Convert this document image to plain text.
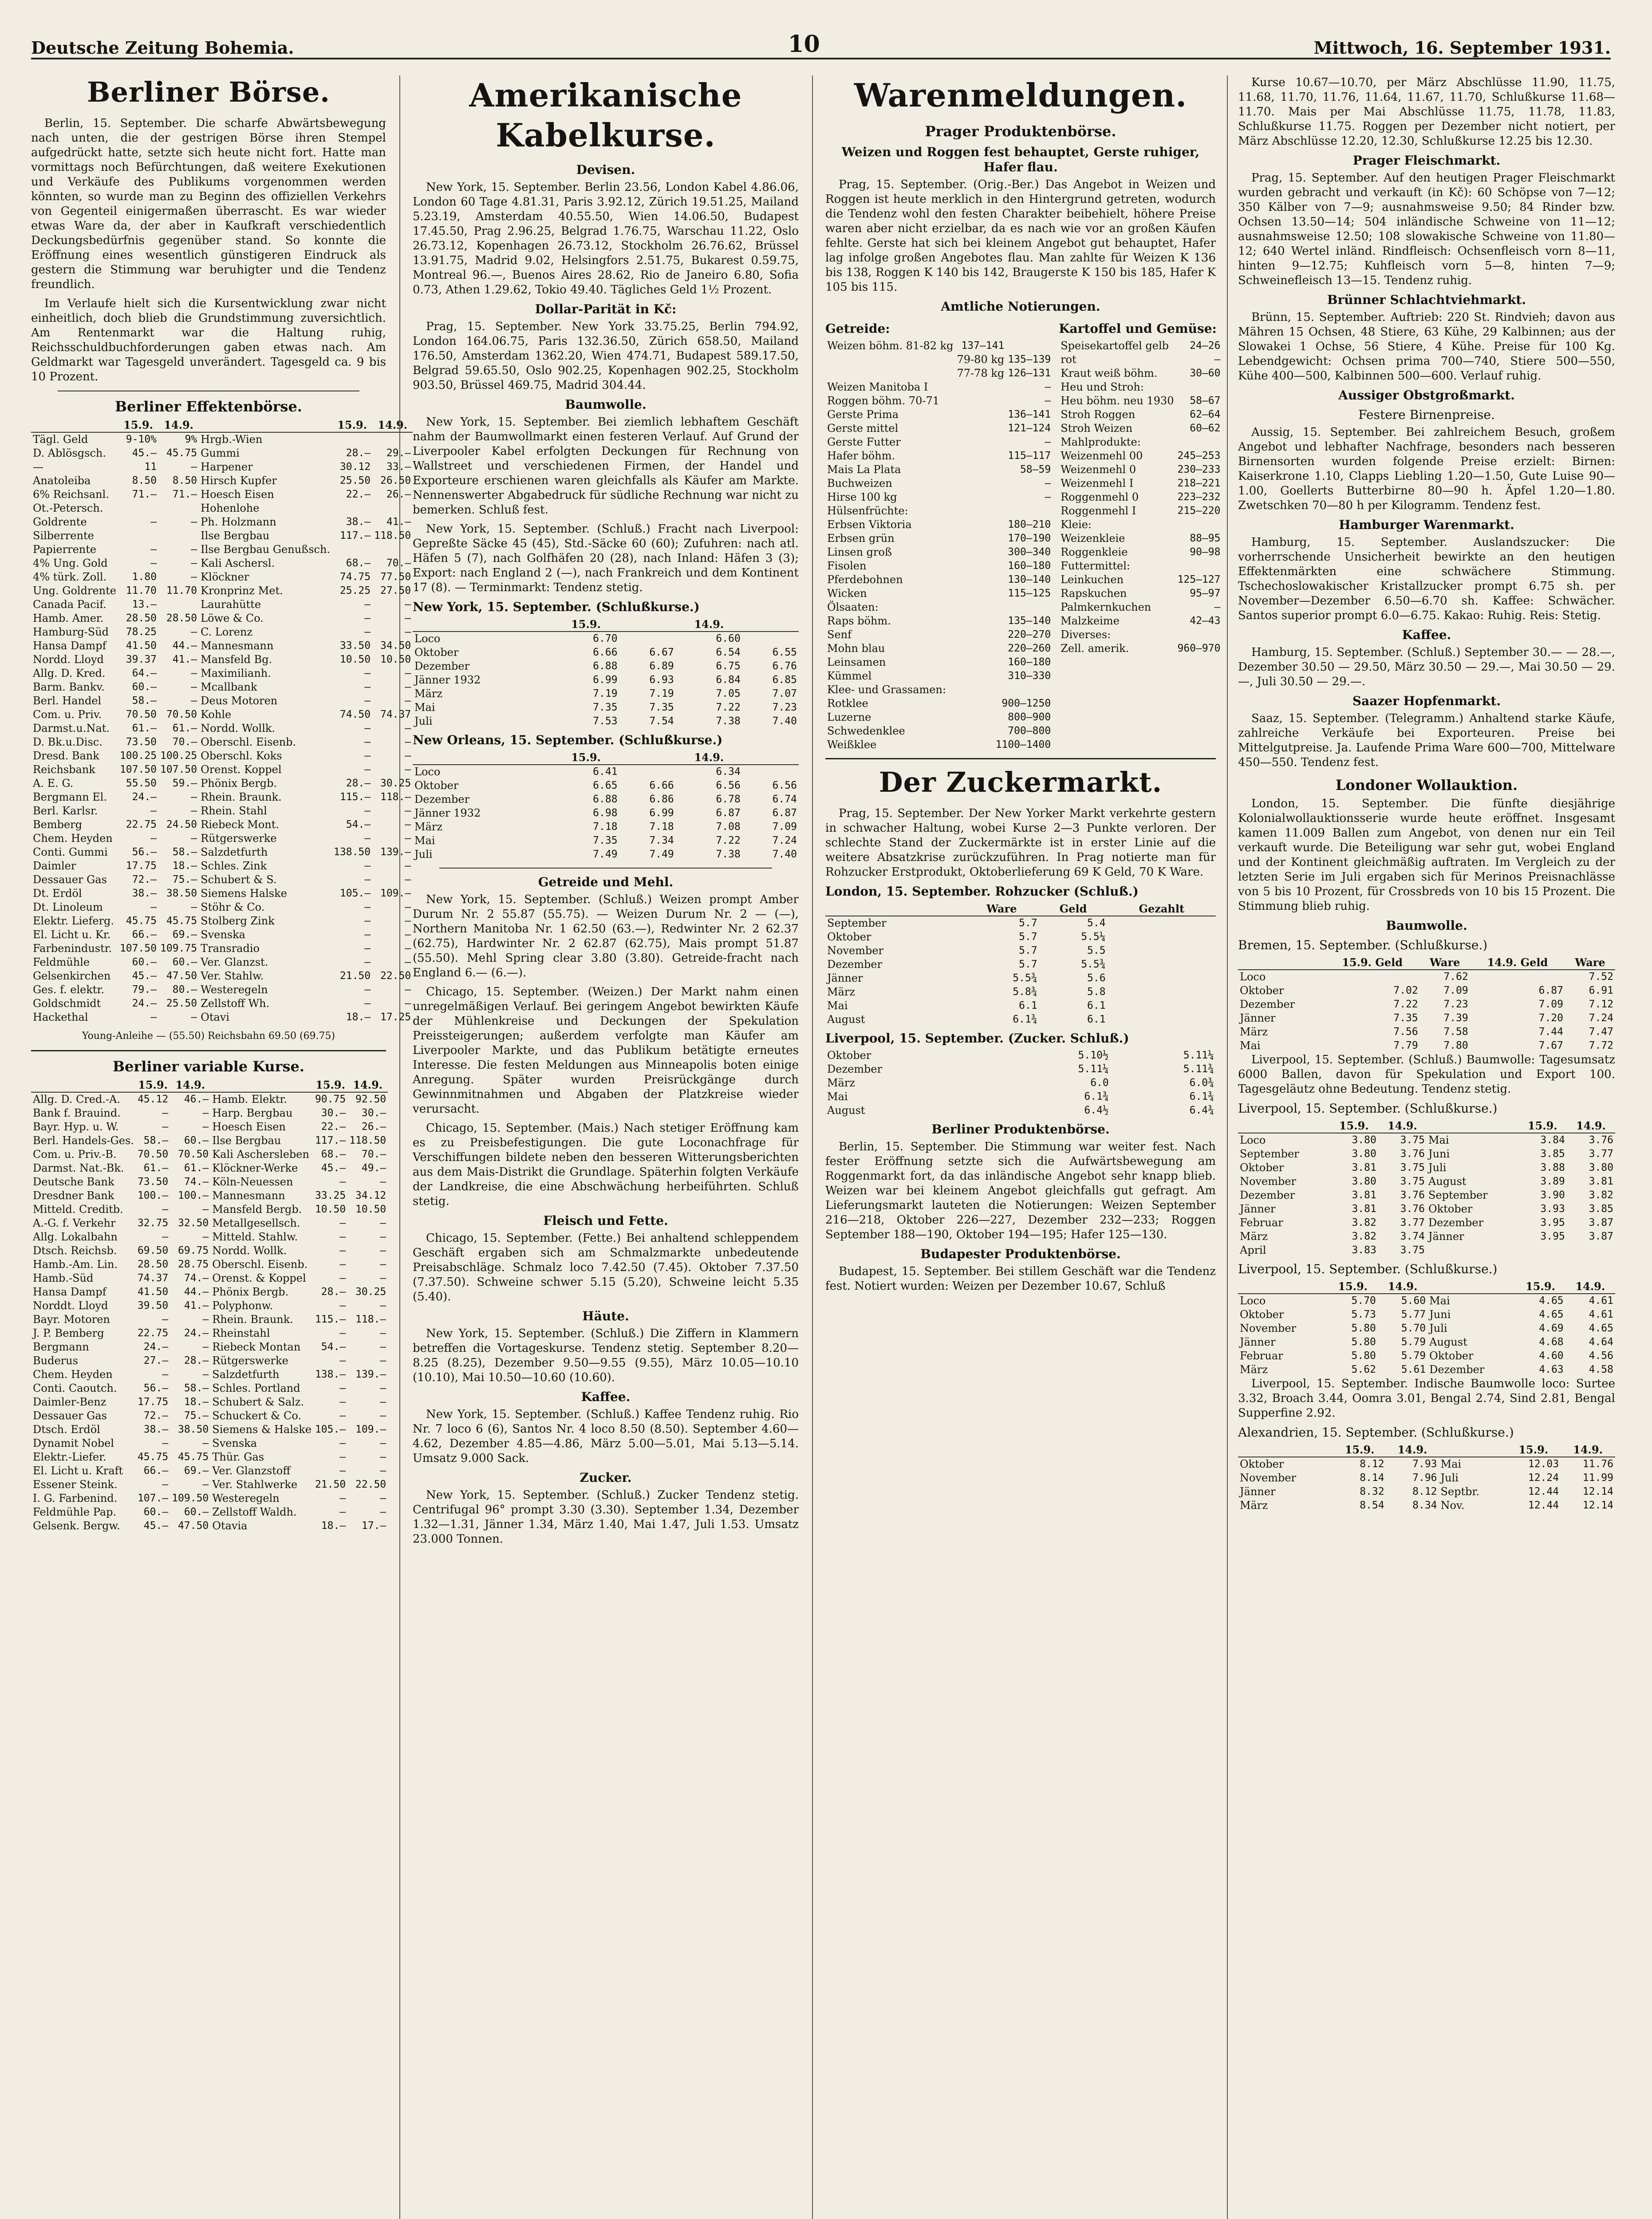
Deutsche Zeitung Bohemia.	10	Mittwoch, 16. September 1931.
Berliner Börse.

Berlin, 15. September. Die scharfe Abwärtsbewegung nach unten, die der gestrigen Börse ihren Stempel aufgedrückt hatte, setzte sich heute nicht fort. Hatte man vormittags noch Befürchtungen, daß weitere Exekutionen und Verkäufe des Publikums vorgenommen werden könnten, so wurde man zu Beginn des offiziellen Verkehrs von Gegenteil einigermaßen überrascht. Es war wieder etwas Ware da, der aber in Kaufkraft verschiedentlich Deckungsbedürfnis gegenüber stand. So konnte die Eröffnung eines wesentlich günstigeren Eindruck als gestern die Stimmung war beruhigter und die Tendenz freundlich.

Im Verlaufe hielt sich die Kursentwicklung zwar nicht einheitlich, doch blieb die Grundstimmung zuversichtlich. Am Rentenmarkt war die Haltung ruhig, Reichsschuldbuchforderungen gaben etwas nach. Am Geldmarkt war Tagesgeld unverändert. Tagesgeld ca. 9 bis 10 Prozent.

Berliner Effektenbörse.
	15.9.	14.9.		15.9.	14.9.
Tägl. Geld	9-10%	9%	Hrgb.-Wien		
D. Ablösgsch.	45.—	45.75	Gummi	28.—	29.—
—	11	—	Harpener	30.12	33.—
Anatoleiba	8.50	8.50	Hirsch Kupfer	25.50	26.50
6% Reichsanl.	71.—	71.—	Hoesch Eisen	22.—	26.—
Ot.-Petersch.			Hohenlohe		
Goldrente	—	—	Ph. Holzmann	38.—	41.—
Silberrente			Ilse Bergbau	117.—	118.50
Papierrente	—	—	Ilse Bergbau Genußsch.		
4% Ung. Gold	—	—	Kali Aschersl.	68.—	70.—
4% türk. Zoll.	1.80	—	Klöckner	74.75	77.50
Ung. Goldrente	11.70	11.70	Kronprinz Met.	25.25	27.50
Canada Pacif.	13.—		Laurahütte	—	—
Hamb. Amer.	28.50	28.50	Löwe & Co.	—	—
Hamburg-Süd	78.25	—	C. Lorenz	—	—
Hansa Dampf	41.50	44.—	Mannesmann	33.50	34.50
Nordd. Lloyd	39.37	41.—	Mansfeld Bg.	10.50	10.50
Allg. D. Kred.	64.—	—	Maximilianh.	—	—
Barm. Bankv.	60.—	—	Mcallbank	—	—
Berl. Handel	58.—	—	Deus Motoren	—	—
Com. u. Priv.	70.50	70.50	Kohle	74.50	74.37
Darmst.u.Nat.	61.—	61.—	Nordd. Wollk.	—	—
D. Bk.u.Disc.	73.50	70.—	Oberschl. Eisenb.	—	—
Dresd. Bank	100.25	100.25	Oberschl. Koks	—	—
Reichsbank	107.50	107.50	Orenst. Koppel	—	—
A. E. G.	55.50	59.—	Phönix Bergb.	28.—	30.25
Bergmann El.	24.—	—	Rhein. Braunk.	115.—	118.—
Berl. Karlsr.	—	—	Rhein. Stahl	—	—
Bemberg	22.75	24.50	Riebeck Mont.	54.—	—
Chem. Heyden	—	—	Rütgerswerke	—	—
Conti. Gummi	56.—	58.—	Salzdetfurth	138.50	139.—
Daimler	17.75	18.—	Schles. Zink	—	—
Dessauer Gas	72.—	75.—	Schubert & S.	—	—
Dt. Erdöl	38.—	38.50	Siemens Halske	105.—	109.—
Dt. Linoleum	—	—	Stöhr & Co.	—	—
Elektr. Lieferg.	45.75	45.75	Stolberg Zink	—	—
El. Licht u. Kr.	66.—	69.—	Svenska	—	—
Farbenindustr.	107.50	109.75	Transradio	—	—
Feldmühle	60.—	60.—	Ver. Glanzst.	—	—
Gelsenkirchen	45.—	47.50	Ver. Stahlw.	21.50	22.50
Ges. f. elektr.	79.—	80.—	Westeregeln	—	—
Goldschmidt	24.—	25.50	Zellstoff Wh.	—	—
Hackethal	—	—	Otavi	18.—	17.25
Young-Anleihe — (55.50) Reichsbahn 69.50 (69.75)
Berliner variable Kurse.
	15.9.	14.9.		15.9.	14.9.
Allg. D. Cred.-A.	45.12	46.—	Hamb. Elektr.	90.75	92.50
Bank f. Brauind.	—	—	Harp. Bergbau	30.—	30.—
Bayr. Hyp. u. W.	—	—	Hoesch Eisen	22.—	26.—
Berl. Handels-Ges.	58.—	60.—	Ilse Bergbau	117.—	118.50
Com. u. Priv.-B.	70.50	70.50	Kali Aschersleben	68.—	70.—
Darmst. Nat.-Bk.	61.—	61.—	Klöckner-Werke	45.—	49.—
Deutsche Bank	73.50	74.—	Köln-Neuessen	—	—
Dresdner Bank	100.—	100.—	Mannesmann	33.25	34.12
Mitteld. Creditb.	—	—	Mansfeld Bergb.	10.50	10.50
A.-G. f. Verkehr	32.75	32.50	Metallgesellsch.	—	—
Allg. Lokalbahn	—	—	Mitteld. Stahlw.	—	—
Dtsch. Reichsb.	69.50	69.75	Nordd. Wollk.	—	—
Hamb.-Am. Lin.	28.50	28.75	Oberschl. Eisenb.	—	—
Hamb.-Süd	74.37	74.—	Orenst. & Koppel	—	—
Hansa Dampf	41.50	44.—	Phönix Bergb.	28.—	30.25
Norddt. Lloyd	39.50	41.—	Polyphonw.	—	—
Bayr. Motoren	—	—	Rhein. Braunk.	115.—	118.—
J. P. Bemberg	22.75	24.—	Rheinstahl	—	—
Bergmann	24.—	—	Riebeck Montan	54.—	—
Buderus	27.—	28.—	Rütgerswerke	—	—
Chem. Heyden	—	—	Salzdetfurth	138.—	139.—
Conti. Caoutch.	56.—	58.—	Schles. Portland	—	—
Daimler-Benz	17.75	18.—	Schubert & Salz.	—	—
Dessauer Gas	72.—	75.—	Schuckert & Co.	—	—
Dtsch. Erdöl	38.—	38.50	Siemens & Halske	105.—	109.—
Dynamit Nobel	—	—	Svenska	—	—
Elektr.-Liefer.	45.75	45.75	Thür. Gas	—	—
El. Licht u. Kraft	66.—	69.—	Ver. Glanzstoff	—	—
Essener Steink.	—	—	Ver. Stahlwerke	21.50	22.50
I. G. Farbenind.	107.—	109.50	Westeregeln	—	—
Feldmühle Pap.	60.—	60.—	Zellstoff Waldh.	—	—
Gelsenk. Bergw.	45.—	47.50	Otavia	18.—	17.—
Amerikanische Kabelkurse.
Devisen.

New York, 15. September. Berlin 23.56, London Kabel 4.86.06, London 60 Tage 4.81.31, Paris 3.92.12, Zürich 19.51.25, Mailand 5.23.19, Amsterdam 40.55.50, Wien 14.06.50, Budapest 17.45.50, Prag 2.96.25, Belgrad 1.76.75, Warschau 11.22, Oslo 26.73.12, Kopenhagen 26.73.12, Stockholm 26.76.62, Brüssel 13.91.75, Madrid 9.02, Helsingfors 2.51.75, Bukarest 0.59.75, Montreal 96.—, Buenos Aires 28.62, Rio de Janeiro 6.80, Sofia 0.73, Athen 1.29.62, Tokio 49.40. Tägliches Geld 1½ Prozent.

Dollar-Parität in Kč:

Prag, 15. September. New York 33.75.25, Berlin 794.92, London 164.06.75, Paris 132.36.50, Zürich 658.50, Mailand 176.50, Amsterdam 1362.20, Wien 474.71, Budapest 589.17.50, Belgrad 59.65.50, Oslo 902.25, Kopenhagen 902.25, Stockholm 903.50, Brüssel 469.75, Madrid 304.44.

Baumwolle.

New York, 15. September. Bei ziemlich lebhaftem Geschäft nahm der Baumwollmarkt einen festeren Verlauf. Auf Grund der Liverpooler Kabel erfolgten Deckungen für Rechnung von Wallstreet und verschiedenen Firmen, der Handel und Exporteure erschienen waren gleichfalls als Käufer am Markte. Nennenswerter Abgabedruck für südliche Rechnung war nicht zu bemerken. Schluß fest.

New York, 15. September. (Schluß.) Fracht nach Liverpool: Gepreßte Säcke 45 (45), Std.-Säcke 60 (60); Zufuhren: nach atl. Häfen 5 (7), nach Golfhäfen 20 (28), nach Inland: Häfen 3 (3); Export: nach England 2 (—), nach Frankreich und dem Kontinent 17 (8). — Terminmarkt: Tendenz stetig.

New York, 15. September. (Schlußkurse.)
	15.9.		14.9.	
Loco	6.70		6.60	
Oktober	6.66	6.67	6.54	6.55
Dezember	6.88	6.89	6.75	6.76
Jänner 1932	6.99	6.93	6.84	6.85
März	7.19	7.19	7.05	7.07
Mai	7.35	7.35	7.22	7.23
Juli	7.53	7.54	7.38	7.40
New Orleans, 15. September. (Schlußkurse.)
	15.9.		14.9.	
Loco	6.41		6.34	
Oktober	6.65	6.66	6.56	6.56
Dezember	6.88	6.86	6.78	6.74
Jänner 1932	6.98	6.99	6.87	6.87
März	7.18	7.18	7.08	7.09
Mai	7.35	7.34	7.22	7.24
Juli	7.49	7.49	7.38	7.40
Getreide und Mehl.

New York, 15. September. (Schluß.) Weizen prompt Amber Durum Nr. 2 55.87 (55.75). — Weizen Durum Nr. 2 — (—), Northern Manitoba Nr. 1 62.50 (63.—), Redwinter Nr. 2 62.37 (62.75), Hardwinter Nr. 2 62.87 (62.75), Mais prompt 51.87 (55.50). Mehl Spring clear 3.80 (3.80). Getreide-fracht nach England 6.— (6.—).

Chicago, 15. September. (Weizen.) Der Markt nahm einen unregelmäßigen Verlauf. Bei geringem Angebot bewirkten Käufe der Mühlenkreise und Deckungen der Spekulation Preissteigerungen; außerdem verfolgte man Käufer am Liverpooler Markte, und das Publikum betätigte erneutes Interesse. Die festen Meldungen aus Minneapolis boten einige Anregung. Später wurden Preisrückgänge durch Gewinnmitnahmen und Abgaben der Platzkreise wieder verursacht.

Chicago, 15. September. (Mais.) Nach stetiger Eröffnung kam es zu Preisbefestigungen. Die gute Loconachfrage für Verschiffungen bildete neben den besseren Witterungsberichten aus dem Mais-Distrikt die Grundlage. Späterhin folgten Verkäufe der Landkreise, die eine Abschwächung herbeiführten. Schluß stetig.

Fleisch und Fette.

Chicago, 15. September. (Fette.) Bei anhaltend schleppendem Geschäft ergaben sich am Schmalzmarkte unbedeutende Preisabschläge. Schmalz loco 7.42.50 (7.45). Oktober 7.37.50 (7.37.50). Schweine schwer 5.15 (5.20), Schweine leicht 5.35 (5.40).

Häute.

New York, 15. September. (Schluß.) Die Ziffern in Klammern betreffen die Vortageskurse. Tendenz stetig. September 8.20—8.25 (8.25), Dezember 9.50—9.55 (9.55), März 10.05—10.10 (10.10), Mai 10.50—10.60 (10.60).

Kaffee.

New York, 15. September. (Schluß.) Kaffee Tendenz ruhig. Rio Nr. 7 loco 6 (6), Santos Nr. 4 loco 8.50 (8.50). September 4.60—4.62, Dezember 4.85—4.86, März 5.00—5.01, Mai 5.13—5.14. Umsatz 9.000 Sack.

Zucker.

New York, 15. September. (Schluß.) Zucker Tendenz stetig. Centrifugal 96° prompt 3.30 (3.30). September 1.34, Dezember 1.32—1.31, Jänner 1.34, März 1.40, Mai 1.47, Juli 1.53. Umsatz 23.000 Tonnen.

Warenmeldungen.
Prager Produktenbörse.
Weizen und Roggen fest behauptet, Gerste ruhiger, Hafer flau.

Prag, 15. September. (Orig.-Ber.) Das Angebot in Weizen und Roggen ist heute merklich in den Hintergrund getreten, wodurch die Tendenz wohl den festen Charakter beibehielt, höhere Preise waren aber nicht erzielbar, da es nach wie vor an großen Käufen fehlte. Gerste hat sich bei kleinem Angebot gut behauptet, Hafer lag infolge großen Angebotes flau. Man zahlte für Weizen K 136 bis 138, Roggen K 140 bis 142, Braugerste K 150 bis 185, Hafer K 105 bis 115.

Amtliche Notierungen.
Getreide:
Weizen böhm. 81-82 kg	137—141	
	79-80 kg	135—139
	77-78 kg	126—131
Weizen Manitoba I		—
Roggen böhm. 70-71		—
Gerste Prima		136—141
Gerste mittel		121—124
Gerste Futter		—
Hafer böhm.		115—117
Mais La Plata		58—59
Buchweizen		—
Hirse 100 kg		—
Hülsenfrüchte:	
Erbsen Viktoria	180—210
Erbsen grün	170—190
Linsen groß	300—340
Fisolen	160—180
Pferdebohnen	130—140
Wicken	115—125
Ölsaaten:	
Raps böhm.	135—140
Senf	220—270
Mohn blau	220—260
Leinsamen	160—180
Kümmel	310—330
Klee- und Grassamen:	
Rotklee	900—1250
Luzerne	800—900
Schwedenklee	700—800
Weißklee	1100—1400
Kartoffel und Gemüse:
Speisekartoffel gelb	24—26
rot	—
Kraut weiß böhm.	30—60
Heu und Stroh:	
Heu böhm. neu 1930	58—67
Stroh Roggen	62—64
Stroh Weizen	60—62
Mahlprodukte:	
Weizenmehl 00	245—253
Weizenmehl 0	230—233
Weizenmehl I	218—221
Roggenmehl 0	223—232
Roggenmehl I	215—220
Kleie:	
Weizenkleie	88—95
Roggenkleie	90—98
Futtermittel:	
Leinkuchen	125—127
Rapskuchen	95—97
Palmkernkuchen	—
Malzkeime	42—43
Diverses:	
Zell. amerik.	960—970
Der Zuckermarkt.

Prag, 15. September. Der New Yorker Markt verkehrte gestern in schwacher Haltung, wobei Kurse 2—3 Punkte verloren. Der schlechte Stand der Zuckermärkte ist in erster Linie auf die weitere Absatzkrise zurückzuführen. In Prag notierte man für Rohzucker Erstprodukt, Oktoberlieferung 69 K Geld, 70 K Ware.

London, 15. September. Rohzucker (Schluß.)
	Ware	Geld	Gezahlt
September	5.7	5.4	
Oktober	5.7	5.5¼	
November	5.7	5.5	
Dezember	5.7	5.5¾	
Jänner	5.5¾	5.6	
März	5.8¾	5.8	
Mai	6.1	6.1	
August	6.1¾	6.1	
Liverpool, 15. September. (Zucker. Schluß.)
Oktober	5.10½	5.11¼
Dezember	5.11¼	5.11¾
März	6.0	6.0¾
Mai	6.1¾	6.1¾
August	6.4½	6.4¾
Berliner Produktenbörse.

Berlin, 15. September. Die Stimmung war weiter fest. Nach fester Eröffnung setzte sich die Aufwärtsbewegung am Roggenmarkt fort, da das inländische Angebot sehr knapp blieb. Weizen war bei kleinem Angebot gleichfalls gut gefragt. Am Lieferungsmarkt lauteten die Notierungen: Weizen September 216—218, Oktober 226—227, Dezember 232—233; Roggen September 188—190, Oktober 194—195; Hafer 125—130.

Budapester Produktenbörse.

Budapest, 15. September. Bei stillem Geschäft war die Tendenz fest. Notiert wurden: Weizen per Dezember 10.67, Schluß

Kurse 10.67—10.70, per März Abschlüsse 11.90, 11.75, 11.68, 11.70, 11.76, 11.64, 11.67, 11.70, Schlußkurse 11.68—11.70. Mais per Mai Abschlüsse 11.75, 11.78, 11.83, Schlußkurse 11.75. Roggen per Dezember nicht notiert, per März Abschlüsse 12.20, 12.30, Schlußkurse 12.25 bis 12.30.

Prager Fleischmarkt.

Prag, 15. September. Auf den heutigen Prager Fleischmarkt wurden gebracht und verkauft (in Kč): 60 Schöpse von 7—12; 350 Kälber von 7—9; ausnahmsweise 9.50; 84 Rinder bzw. Ochsen 13.50—14; 504 inländische Schweine von 11—12; ausnahmsweise 12.50; 108 slowakische Schweine von 11.80—12; 640 Wertel inländ. Rindfleisch: Ochsenfleisch vorn 8—11, hinten 9—12.75; Kuhfleisch vorn 5—8, hinten 7—9; Schweinefleisch 13—15. Tendenz ruhig.

Brünner Schlachtviehmarkt.

Brünn, 15. September. Auftrieb: 220 St. Rindvieh; davon aus Mähren 15 Ochsen, 48 Stiere, 63 Kühe, 29 Kalbinnen; aus der Slowakei 1 Ochse, 56 Stiere, 4 Kühe. Preise für 100 Kg. Lebendgewicht: Ochsen prima 700—740, Stiere 500—550, Kühe 400—500, Kalbinnen 500—600. Verlauf ruhig.

Aussiger Obstgroßmarkt.
Festere Birnenpreise.

Aussig, 15. September. Bei zahlreichem Besuch, großem Angebot und lebhafter Nachfrage, besonders nach besseren Birnensorten wurden folgende Preise erzielt: Birnen: Kaiserkrone 1.10, Clapps Liebling 1.20—1.50, Gute Luise 90—1.00, Goellerts Butterbirne 80—90 h. Äpfel 1.20—1.80. Zwetschken 70—80 h per Kilogramm. Tendenz fest.

Hamburger Warenmarkt.

Hamburg, 15. September. Auslandszucker: Die vorherrschende Unsicherheit bewirkte an den heutigen Effektenmärkten eine schwächere Stimmung. Tschechoslowakischer Kristallzucker prompt 6.75 sh. per November—Dezember 6.50—6.70 sh. Kaffee: Schwächer. Santos superior prompt 6.0—6.75. Kakao: Ruhig. Reis: Stetig.

Kaffee.

Hamburg, 15. September. (Schluß.) September 30.— — 28.—, Dezember 30.50 — 29.50, März 30.50 — 29.—, Mai 30.50 — 29.—, Juli 30.50 — 29.—.

Saazer Hopfenmarkt.

Saaz, 15. September. (Telegramm.) Anhaltend starke Käufe, zahlreiche Verkäufe bei Exporteuren. Preise bei Mittelgutpreise. Ja. Laufende Prima Ware 600—700, Mittelware 450—550. Tendenz fest.

Londoner Wollauktion.

London, 15. September. Die fünfte diesjährige Kolonialwollauktionsserie wurde heute eröffnet. Insgesamt kamen 11.009 Ballen zum Angebot, von denen nur ein Teil verkauft wurde. Die Beteiligung war sehr gut, wobei England und der Kontinent gleichmäßig auftraten. Im Vergleich zu der letzten Serie im Juli ergaben sich für Merinos Preisnachlässe von 5 bis 10 Prozent, für Crossbreds von 10 bis 15 Prozent. Die Stimmung blieb ruhig.

Baumwolle.
Bremen, 15. September. (Schlußkurse.)
	15.9. Geld	Ware	14.9. Geld	Ware
Loco		7.62		7.52
Oktober	7.02	7.09	6.87	6.91
Dezember	7.22	7.23	7.09	7.12
Jänner	7.35	7.39	7.20	7.24
März	7.56	7.58	7.44	7.47
Mai	7.79	7.80	7.67	7.72

Liverpool, 15. September. (Schluß.) Baumwolle: Tagesumsatz 6000 Ballen, davon für Spekulation und Export 100. Tagesgeläutz ohne Bedeutung. Tendenz stetig.

Liverpool, 15. September. (Schlußkurse.)
	15.9.	14.9.		15.9.	14.9.
Loco	3.80	3.75	Mai	3.84	3.76
September	3.80	3.76	Juni	3.85	3.77
Oktober	3.81	3.75	Juli	3.88	3.80
November	3.80	3.75	August	3.89	3.81
Dezember	3.81	3.76	September	3.90	3.82
Jänner	3.81	3.76	Oktober	3.93	3.85
Februar	3.82	3.77	Dezember	3.95	3.87
März	3.82	3.74	Jänner	3.95	3.87
April	3.83	3.75			
Liverpool, 15. September. (Schlußkurse.)
	15.9.	14.9.		15.9.	14.9.
Loco	5.70	5.60	Mai	4.65	4.61
Oktober	5.73	5.77	Juni	4.65	4.61
November	5.80	5.70	Juli	4.69	4.65
Jänner	5.80	5.79	August	4.68	4.64
Februar	5.80	5.79	Oktober	4.60	4.56
März	5.62	5.61	Dezember	4.63	4.58

Liverpool, 15. September. Indische Baumwolle loco: Surtee 3.32, Broach 3.44, Oomra 3.01, Bengal 2.74, Sind 2.81, Bengal Supperfine 2.92.

Alexandrien, 15. September. (Schlußkurse.)
	15.9.	14.9.		15.9.	14.9.
Oktober	8.12	7.93	Mai	12.03	11.76
November	8.14	7.96	Juli	12.24	11.99
Jänner	8.32	8.12	Septbr.	12.44	12.14
März	8.54	8.34	Nov.	12.44	12.14
